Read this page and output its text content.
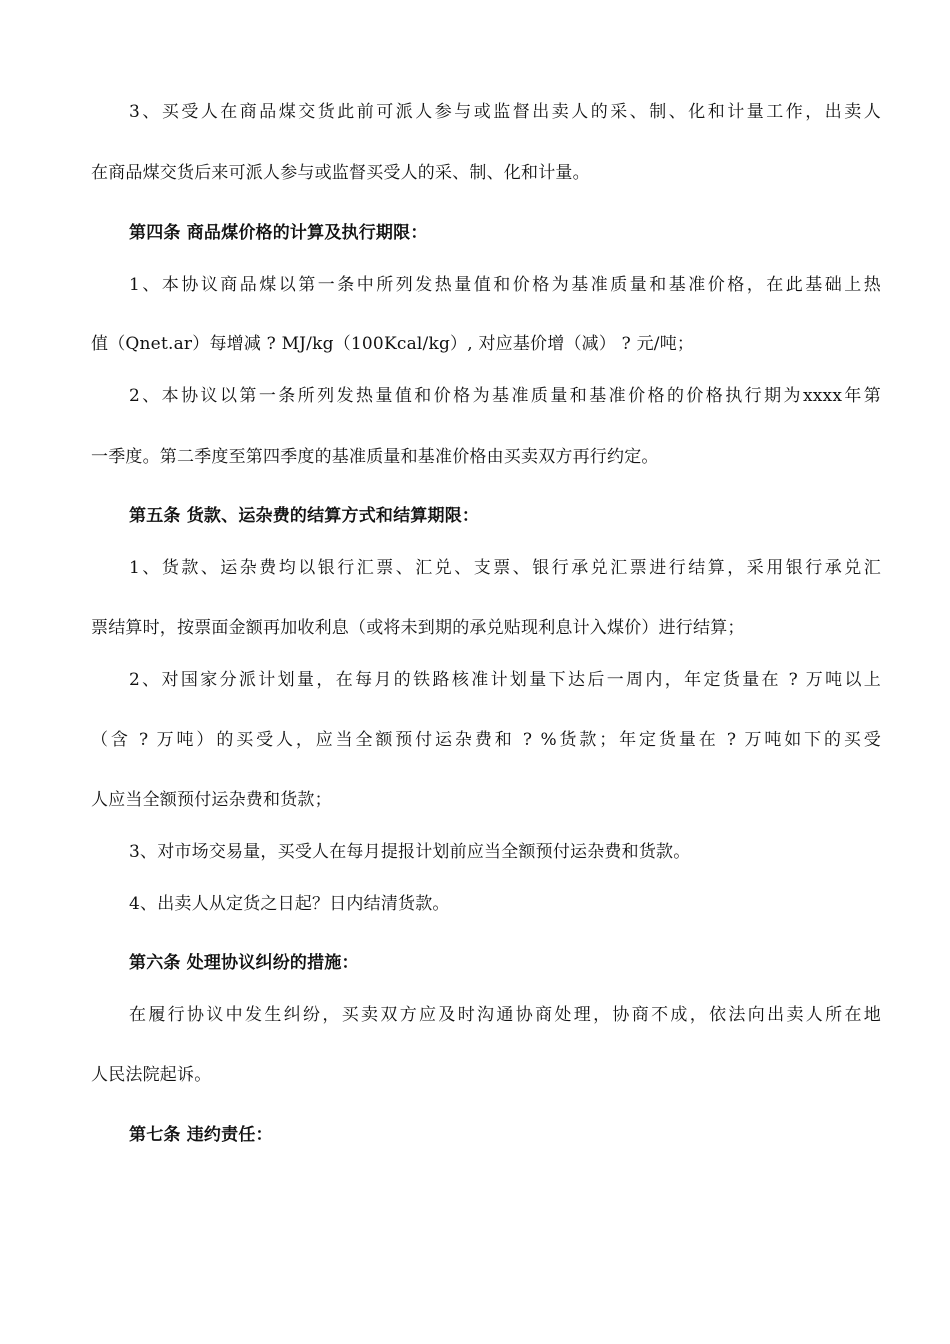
3、买受人在商品煤交货此前可派人参与或监督出卖人的采、制、化和计量工作，出卖人
在商品煤交货后来可派人参与或监督买受人的采、制、化和计量。
第四条 商品煤价格的计算及执行期限：
1、本协议商品煤以第一条中所列发热量值和价格为基准质量和基准价格，在此基础上热
值（Qnet.ar）每增减 ? MJ/kg（100Kcal/kg）, 对应基价增（减） ? 元/吨；
2、本协议以第一条所列发热量值和价格为基准质量和基准价格的价格执行期为xxxx年第
一季度。第二季度至第四季度的基准质量和基准价格由买卖双方再行约定。
第五条 货款、运杂费的结算方式和结算期限：
1、货款、运杂费均以银行汇票、汇兑、支票、银行承兑汇票进行结算，采用银行承兑汇
票结算时，按票面金额再加收利息（或将未到期的承兑贴现利息计入煤价）进行结算；
2、对国家分派计划量，在每月的铁路核准计划量下达后一周内，年定货量在 ? 万吨以上
（含 ? 万吨）的买受人，应当全额预付运杂费和 ? %货款；年定货量在 ? 万吨如下的买受
人应当全额预付运杂费和货款；
3、对市场交易量，买受人在每月提报计划前应当全额预付运杂费和货款。
4、出卖人从定货之日起？日内结清货款。
第六条 处理协议纠纷的措施：
在履行协议中发生纠纷，买卖双方应及时沟通协商处理，协商不成，依法向出卖人所在地
人民法院起诉。
第七条 违约责任：
